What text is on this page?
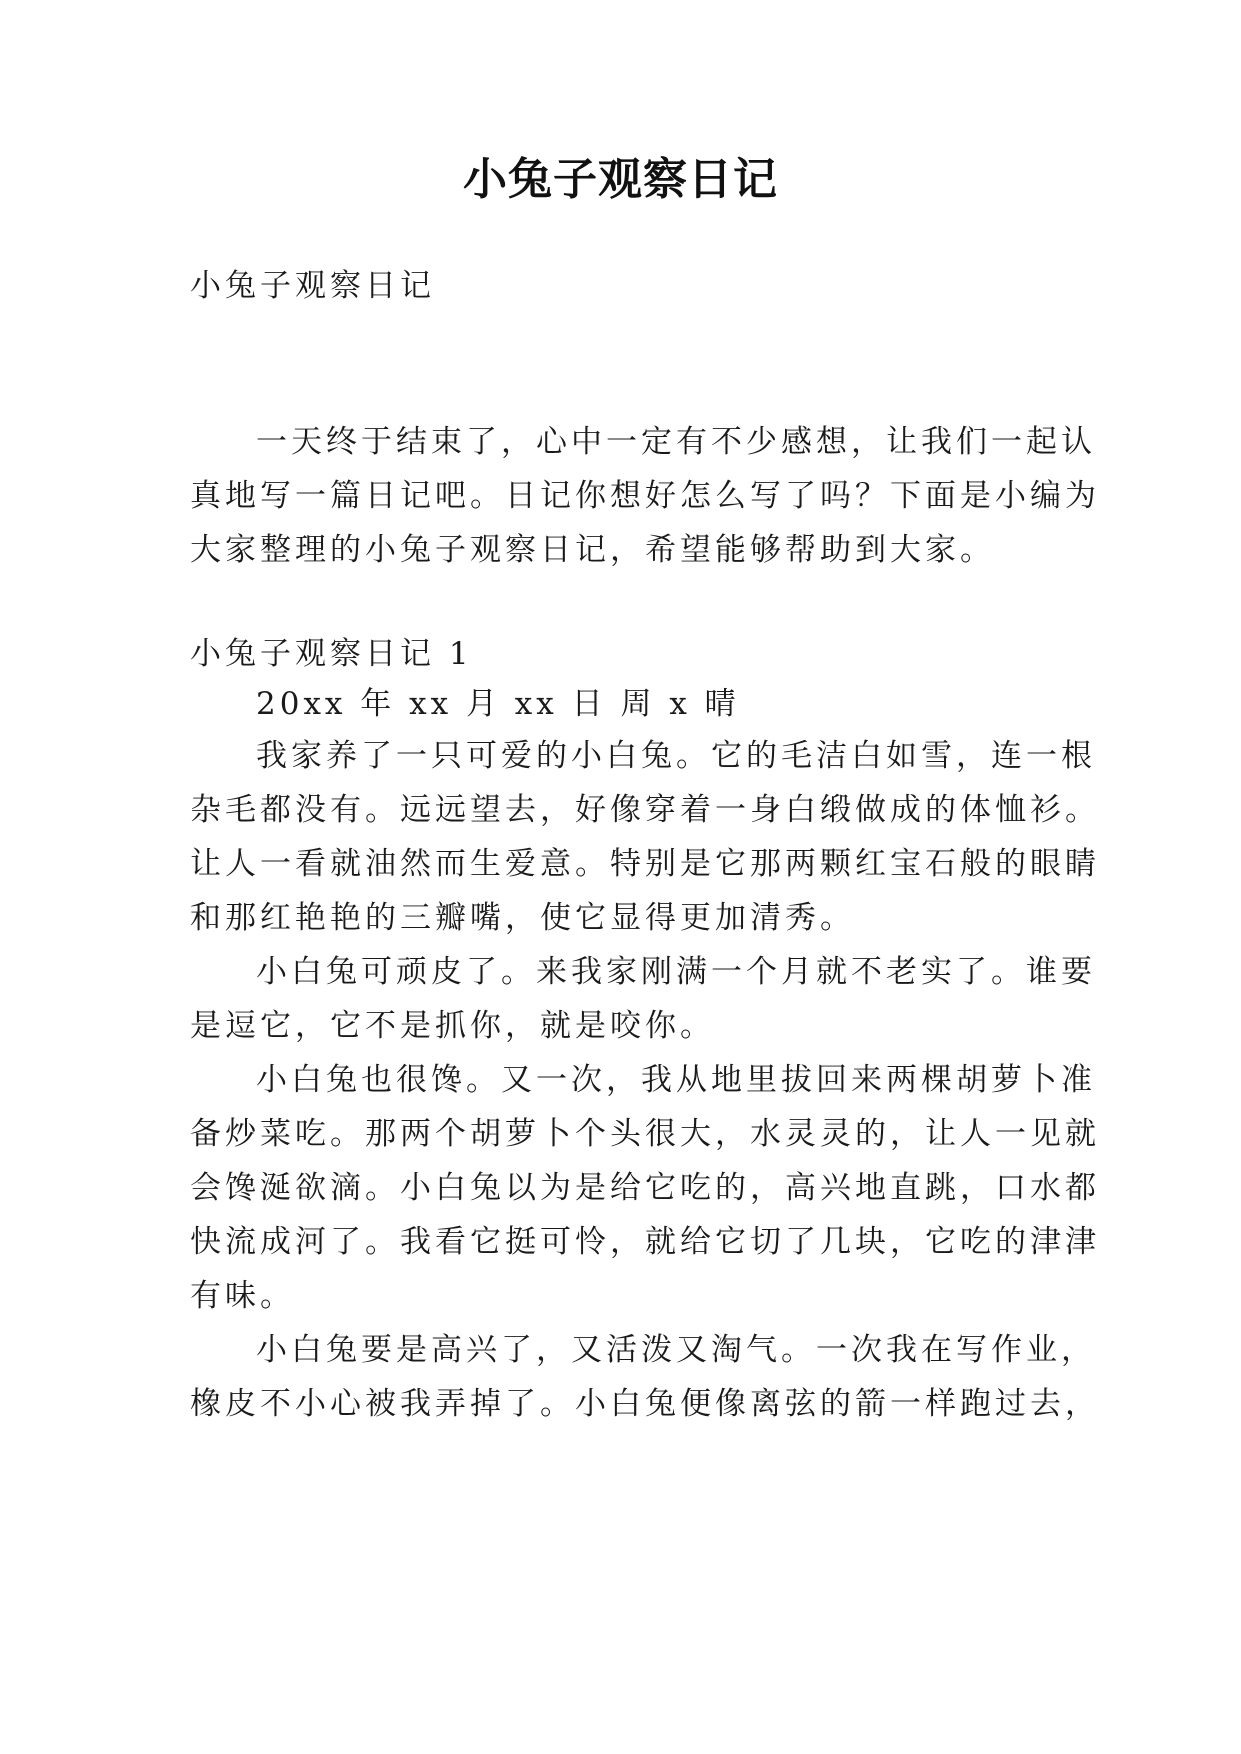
小兔子观察日记
小兔子观察日记
一天终于结束了，心中一定有不少感想，让我们一起认
真地写一篇日记吧。日记你想好怎么写了吗？下面是小编为
大家整理的小兔子观察日记，希望能够帮助到大家。
小兔子观察日记 1
20xx 年 xx 月 xx 日 周 x 晴
我家养了一只可爱的小白兔。它的毛洁白如雪，连一根
杂毛都没有。远远望去，好像穿着一身白缎做成的体恤衫。
让人一看就油然而生爱意。特别是它那两颗红宝石般的眼睛
和那红艳艳的三瓣嘴，使它显得更加清秀。
小白兔可顽皮了。来我家刚满一个月就不老实了。谁要
是逗它，它不是抓你，就是咬你。
小白兔也很馋。又一次，我从地里拔回来两棵胡萝卜准
备炒菜吃。那两个胡萝卜个头很大，水灵灵的，让人一见就
会馋涎欲滴。小白兔以为是给它吃的，高兴地直跳，口水都
快流成河了。我看它挺可怜，就给它切了几块，它吃的津津
有味。
小白兔要是高兴了，又活泼又淘气。一次我在写作业，
橡皮不小心被我弄掉了。小白兔便像离弦的箭一样跑过去，
